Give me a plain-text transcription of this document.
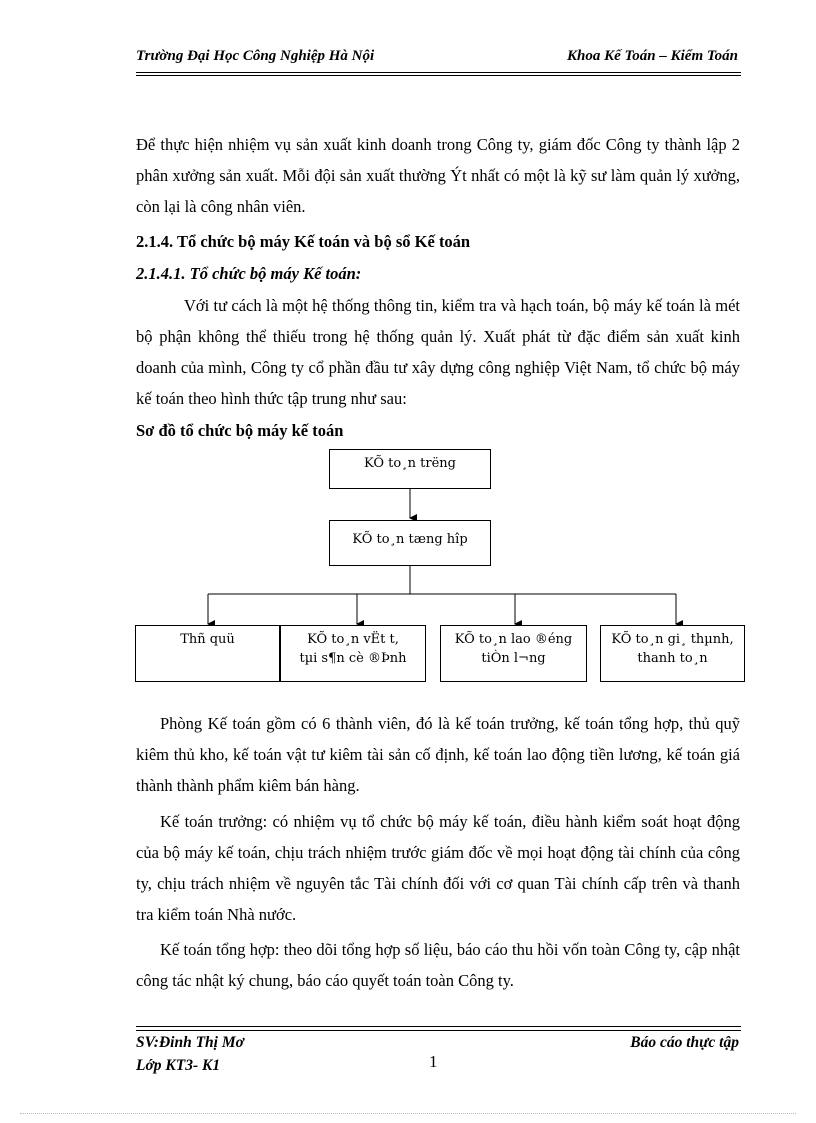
Trường Đại Học Công Nghiệp Hà Nội	Khoa Kế Toán – Kiểm Toán

Để thực hiện nhiệm vụ sản xuất kinh doanh trong Công ty, giám đốc Công ty thành lập 2 phân xưởng sản xuất. Mỗi đội sản xuất thường Ýt nhất có một là kỹ sư làm quản lý xưởng, còn lại là công nhân viên.

2.1.4. Tổ chức bộ máy Kế toán và bộ sổ Kế toán
2.1.4.1. Tổ chức bộ máy Kế toán:

Với tư cách là một hệ thống thông tin, kiểm tra và hạch toán, bộ máy kế toán là mét bộ phận không thể thiếu trong hệ thống quản lý. Xuất phát từ đặc điểm sản xuất kinh doanh của mình, Công ty cổ phần đầu tư xây dựng công nghiệp Việt Nam, tổ chức bộ máy kế toán theo hình thức tập trung như sau:

Sơ đồ tổ chức bộ máy kế toán
KÕ to¸n trëng
KÕ to¸n tæng hîp
Thñ quü	KÕ to¸n vËt t,
tµi s¶n cè ®Þnh
KÕ to¸n lao ®éng
tiÒn l¬ng
KÕ to¸n gi¸ thµnh,
thanh to¸n

Phòng Kế toán gồm có 6 thành viên, đó là kế toán trưởng, kế toán tổng hợp, thủ quỹ kiêm thủ kho, kế toán vật tư kiêm tài sản cố định, kế toán lao động tiền lương, kế toán giá thành thành phẩm kiêm bán hàng.

Kế toán trưởng: có nhiệm vụ tổ chức bộ máy kế toán, điều hành kiểm soát hoạt động của bộ máy kế toán, chịu trách nhiệm trước giám đốc về mọi hoạt động tài chính của công ty, chịu trách nhiệm về nguyên tắc Tài chính đối với cơ quan Tài chính cấp trên và thanh tra kiểm toán Nhà nước.

Kế toán tổng hợp: theo dõi tổng hợp số liệu, báo cáo thu hồi vốn toàn Công ty, cập nhật công tác nhật ký chung, báo cáo quyết toán toàn Công ty.

SV:Đinh Thị Mơ
Lớp KT3- K1	1
Báo cáo thực tập
